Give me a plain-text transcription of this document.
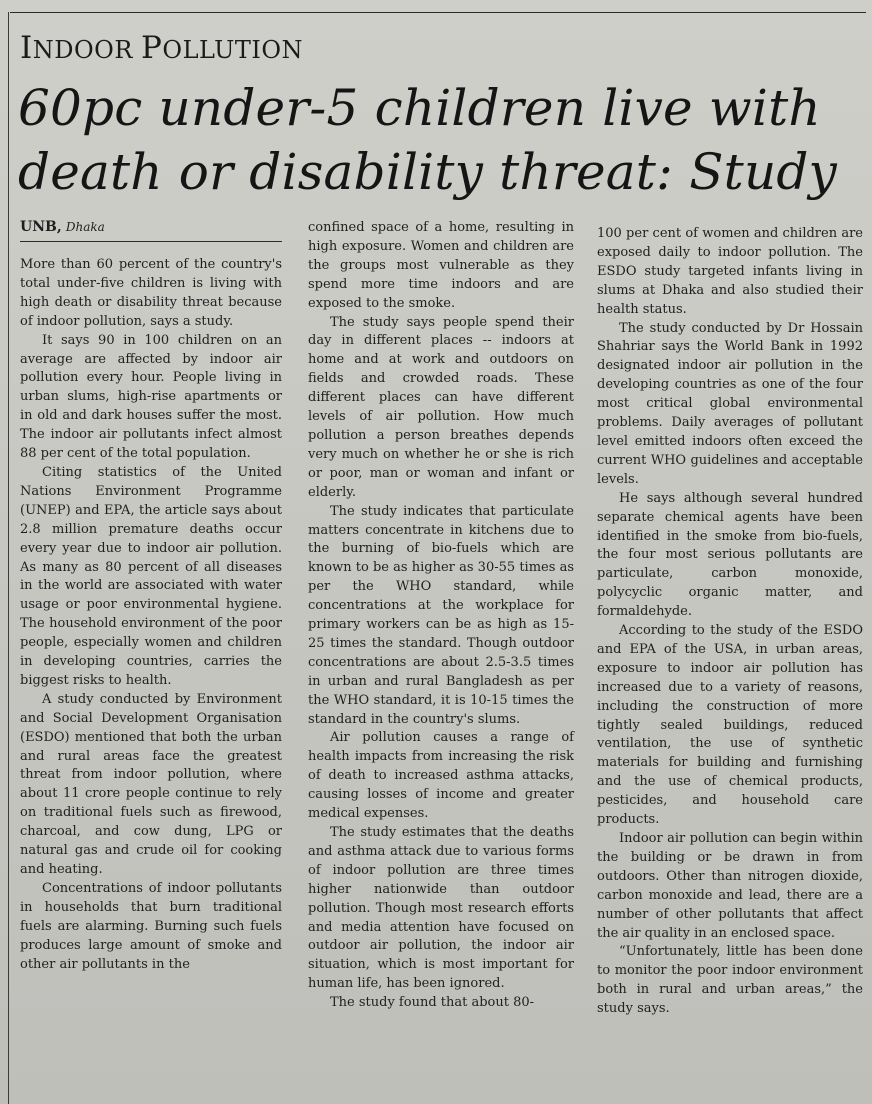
INDOOR POLLUTION
60pc under-5 children live with death or disability threat: Study
UNB, Dhaka

More than 60 percent of the country's total under-five children is living with high death or disability threat because of indoor pollution, says a study.

It says 90 in 100 children on an average are affected by indoor air pollution every hour. People living in urban slums, high-rise apartments or in old and dark houses suffer the most. The indoor air pollutants infect almost 88 per cent of the total population.

Citing statistics of the United Nations Environment Programme (UNEP) and EPA, the article says about 2.8 million premature deaths occur every year due to indoor air pollution. As many as 80 percent of all diseases in the world are associated with water usage or poor environmental hygiene. The household environment of the poor people, especially women and children in developing countries, carries the biggest risks to health.

A study conducted by Environment and Social Development Organisation (ESDO) mentioned that both the urban and rural areas face the greatest threat from indoor pollution, where about 11 crore people continue to rely on traditional fuels such as firewood, charcoal, and cow dung, LPG or natural gas and crude oil for cooking and heating.

Concentrations of indoor pollutants in households that burn traditional fuels are alarming. Burning such fuels produces large amount of smoke and other air pollutants in the

confined space of a home, resulting in high exposure. Women and children are the groups most vulnerable as they spend more time indoors and are exposed to the smoke.

The study says people spend their day in different places -- indoors at home and at work and outdoors on fields and crowded roads. These different places can have different levels of air pollution. How much pollution a person breathes depends very much on whether he or she is rich or poor, man or woman and infant or elderly.

The study indicates that particulate matters concentrate in kitchens due to the burning of bio-fuels which are known to be as higher as 30-55 times as per the WHO standard, while concentrations at the workplace for primary workers can be as high as 15-25 times the standard. Though outdoor concentrations are about 2.5-3.5 times in urban and rural Bangladesh as per the WHO standard, it is 10-15 times the standard in the country's slums.

Air pollution causes a range of health impacts from increasing the risk of death to increased asthma attacks, causing losses of income and greater medical expenses.

The study estimates that the deaths and asthma attack due to various forms of indoor pollution are three times higher nationwide than outdoor pollution. Though most research efforts and media attention have focused on outdoor air pollution, the indoor air situation, which is most important for human life, has been ignored.

The study found that about 80-

100 per cent of women and children are exposed daily to indoor pollution. The ESDO study targeted infants living in slums at Dhaka and also studied their health status.

The study conducted by Dr Hossain Shahriar says the World Bank in 1992 designated indoor air pollution in the developing countries as one of the four most critical global environmental problems. Daily averages of pollutant level emitted indoors often exceed the current WHO guidelines and acceptable levels.

He says although several hundred separate chemical agents have been identified in the smoke from bio-fuels, the four most serious pollutants are particulate, carbon monoxide, polycyclic organic matter, and formaldehyde.

According to the study of the ESDO and EPA of the USA, in urban areas, exposure to indoor air pollution has increased due to a variety of reasons, including the construction of more tightly sealed buildings, reduced ventilation, the use of synthetic materials for building and furnishing and the use of chemical products, pesticides, and household care products.

Indoor air pollution can begin within the building or be drawn in from outdoors. Other than nitrogen dioxide, carbon monoxide and lead, there are a number of other pollutants that affect the air quality in an enclosed space.

“Unfortunately, little has been done to monitor the poor indoor environment both in rural and urban areas,” the study says.
